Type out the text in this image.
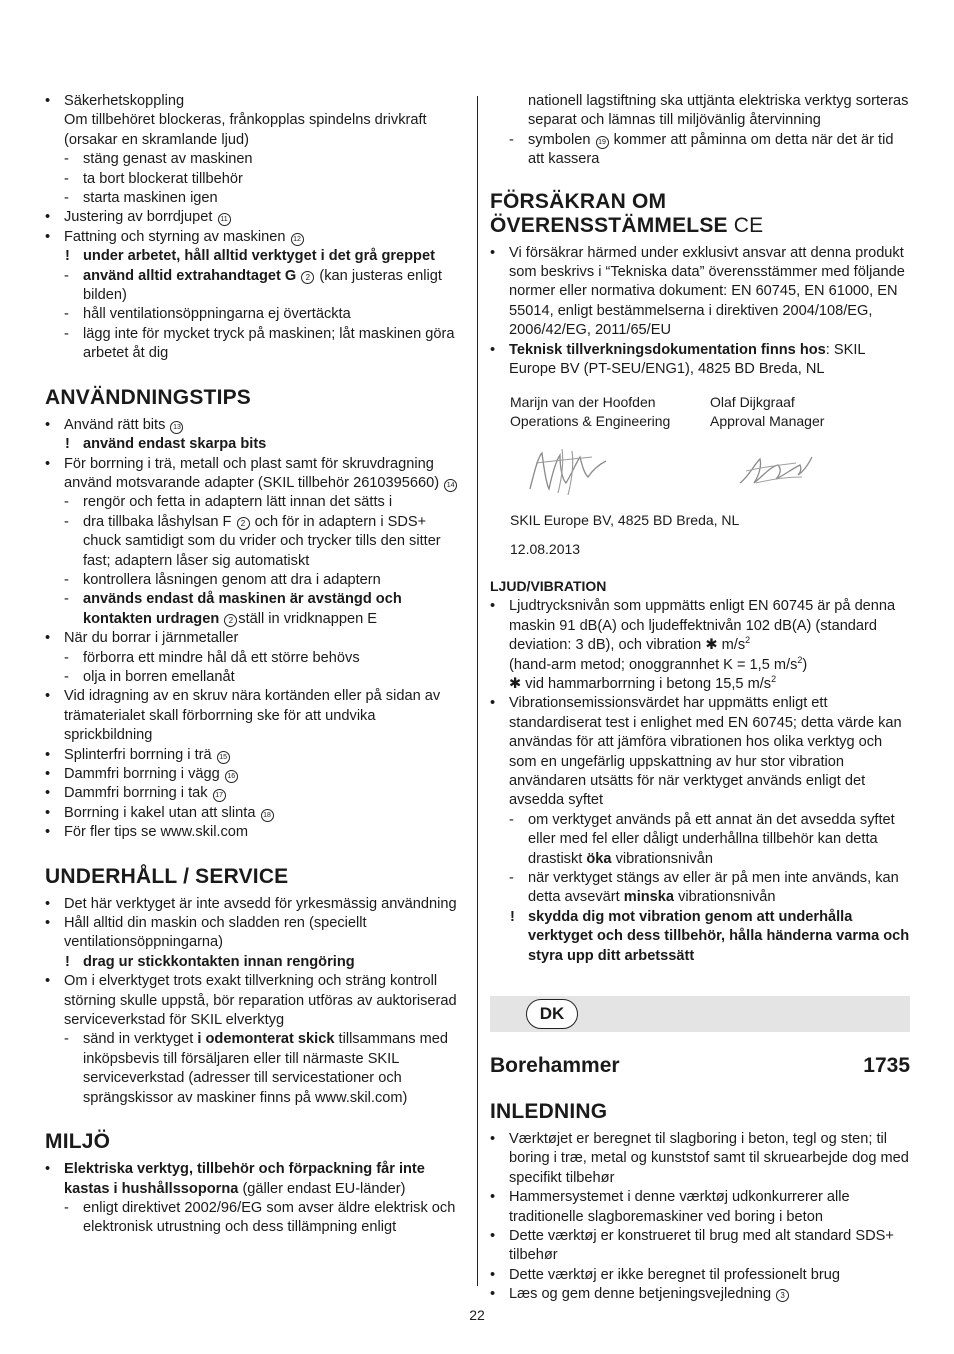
• Säkerhetskoppling
Om tillbehöret blockeras, frånkopplas spindelns drivkraft (orsakar en skramlande ljud)
- stäng genast av maskinen
- ta bort blockerat tillbehör
- starta maskinen igen
• Justering av borrdjupet 11
• Fattning och styrning av maskinen 12
! under arbetet, håll alltid verktyget i det grå greppet
- använd alltid extrahandtaget G 2 (kan justeras enligt bilden)
- håll ventilationsöppningarna ej övertäckta
- lägg inte för mycket tryck på maskinen; låt maskinen göra arbetet åt dig
ANVÄNDNINGSTIPS
• Använd rätt bits 13
! använd endast skarpa bits
• För borrning i trä, metall och plast samt för skruvdragning använd motsvarande adapter (SKIL tillbehör 2610395660) 14
- rengör och fetta in adaptern lätt innan det sätts i
- dra tillbaka låshylsan F 2 och för in adaptern i SDS+ chuck samtidigt som du vrider och trycker tills den sitter fast; adaptern låser sig automatiskt
- kontrollera låsningen genom att dra i adaptern
- används endast då maskinen är avstängd och kontakten urdragen 2 ställ in vridknappen E
• När du borrar i järnmetaller
- förborra ett mindre hål då ett större behövs
- olja in borren emellanåt
• Vid idragning av en skruv nära kortänden eller på sidan av trämaterialet skall förborrning ske för att undvika sprickbildning
• Splinterfri borrning i trä 15
• Dammfri borrning i vägg 16
• Dammfri borrning i tak 17
• Borrning i kakel utan att slinta 18
• För fler tips se www.skil.com
UNDERHÅLL / SERVICE
• Det här verktyget är inte avsedd för yrkesmässig användning
• Håll alltid din maskin och sladden ren (speciellt ventilationsöppningarna)
! drag ur stickkontakten innan rengöring
• Om i elverktyget trots exakt tillverkning och sträng kontroll störning skulle uppstå, bör reparation utföras av auktoriserad serviceverkstad för SKIL elverktyg
- sänd in verktyget i odemonterat skick tillsammans med inköpsbevis till försäljaren eller till närmaste SKIL serviceverkstad (adresser till servicestationer och sprängskissor av maskiner finns på www.skil.com)
MILJÖ
• Elektriska verktyg, tillbehör och förpackning får inte kastas i hushållssoporna (gäller endast EU-länder)
- enligt direktivet 2002/96/EG som avser äldre elektrisk och elektronisk utrustning och dess tillämpning enligt
nationell lagstiftning ska uttjänta elektriska verktyg sorteras separat och lämnas till miljövänlig återvinning
- symbolen 19 kommer att påminna om detta när det är tid att kassera
FÖRSÄKRAN OM
ÖVERENSSTÄMMELSE CE
• Vi försäkrar härmed under exklusivt ansvar att denna produkt som beskrivs i “Tekniska data” överensstämmer med följande normer eller normativa dokument: EN 60745, EN 61000, EN 55014, enligt bestämmelserna i direktiven 2004/108/EG, 2006/42/EG, 2011/65/EU
• Teknisk tillverkningsdokumentation finns hos: SKIL Europe BV (PT-SEU/ENG1), 4825 BD Breda, NL
Marijn van der Hoofden
Operations & Engineering
Olaf Dijkgraaf
Approval Manager
SKIL Europe BV, 4825 BD Breda, NL
12.08.2013
LJUD/VIBRATION
• Ljudtrycksnivån som uppmätts enligt EN 60745 är på denna maskin 91 dB(A) och ljudeffektnivån 102 dB(A) (standard deviation: 3 dB), och vibration ✱ $m/s^2$
(hand-arm metod; onoggrannhet K = 1,5 $m/s^2$)
✱ vid hammarborrning i betong 15,5 $m/s^2$
• Vibrationsemissionsvärdet har uppmätts enligt ett standardiserat test i enlighet med EN 60745; detta värde kan användas för att jämföra vibrationen hos olika verktyg och som en ungefärlig uppskattning av hur stor vibration användaren utsätts för när verktyget används enligt det avsedda syftet
- om verktyget används på ett annat än det avsedda syftet eller med fel eller dåligt underhållna tillbehör kan detta drastiskt öka vibrationsnivån
- när verktyget stängs av eller är på men inte används, kan detta avsevärt minska vibrationsnivån
! skydda dig mot vibration genom att underhålla verktyget och dess tillbehör, hålla händerna varma och styra upp ditt arbetssätt
DK
Borehammer	1735
INLEDNING
• Værktøjet er beregnet til slagboring i beton, tegl og sten; til boring i træ, metal og kunststof samt til skruearbejde dog med specifikt tilbehør
• Hammersystemet i denne værktøj udkonkurrerer alle traditionelle slagboremaskiner ved boring i beton
• Dette værktøj er konstrueret til brug med alt standard SDS+ tilbehør
• Dette værktøj er ikke beregnet til professionelt brug
• Læs og gem denne betjeningsvejledning 3
22
